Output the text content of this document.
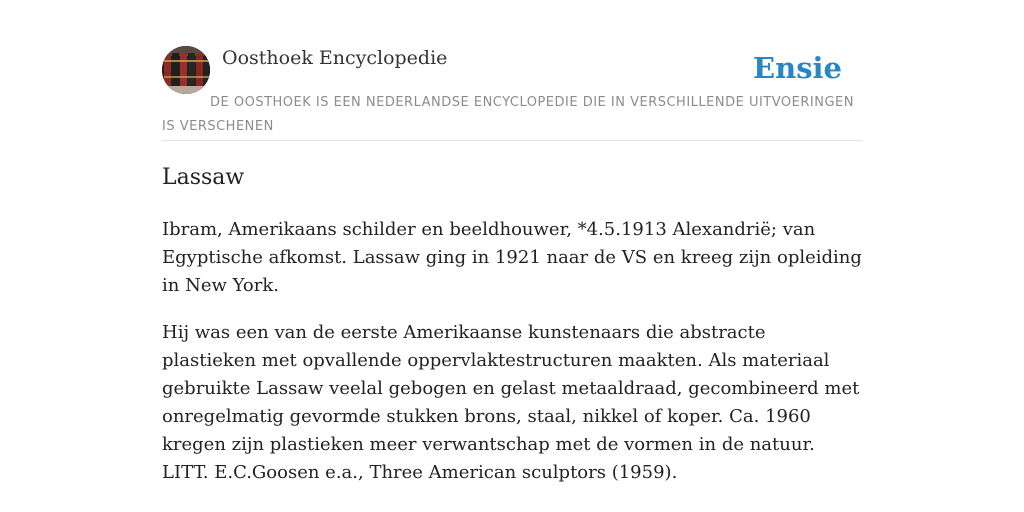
Oosthoek Encyclopedie	Ensie
DE OOSTHOEK IS EEN NEDERLANDSE ENCYCLOPEDIE DIE IN VERSCHILLENDE UITVOERINGEN IS VERSCHENEN
Lassaw

Ibram, Amerikaans schilder en beeldhouwer, *4.5.1913 Alexandrië; van Egyptische afkomst. Lassaw ging in 1921 naar de VS en kreeg zijn opleiding in New York.

Hij was een van de eerste Amerikaanse kunstenaars die abstracte plastieken met opvallende oppervlaktestructuren maakten. Als materiaal gebruikte Lassaw veelal gebogen en gelast metaaldraad, gecombineerd met onregelmatig gevormde stukken brons, staal, nikkel of koper. Ca. 1960 kregen zijn plastieken meer verwantschap met de vormen in de natuur. LITT. E.C.Goosen e.a., Three American sculptors (1959).
